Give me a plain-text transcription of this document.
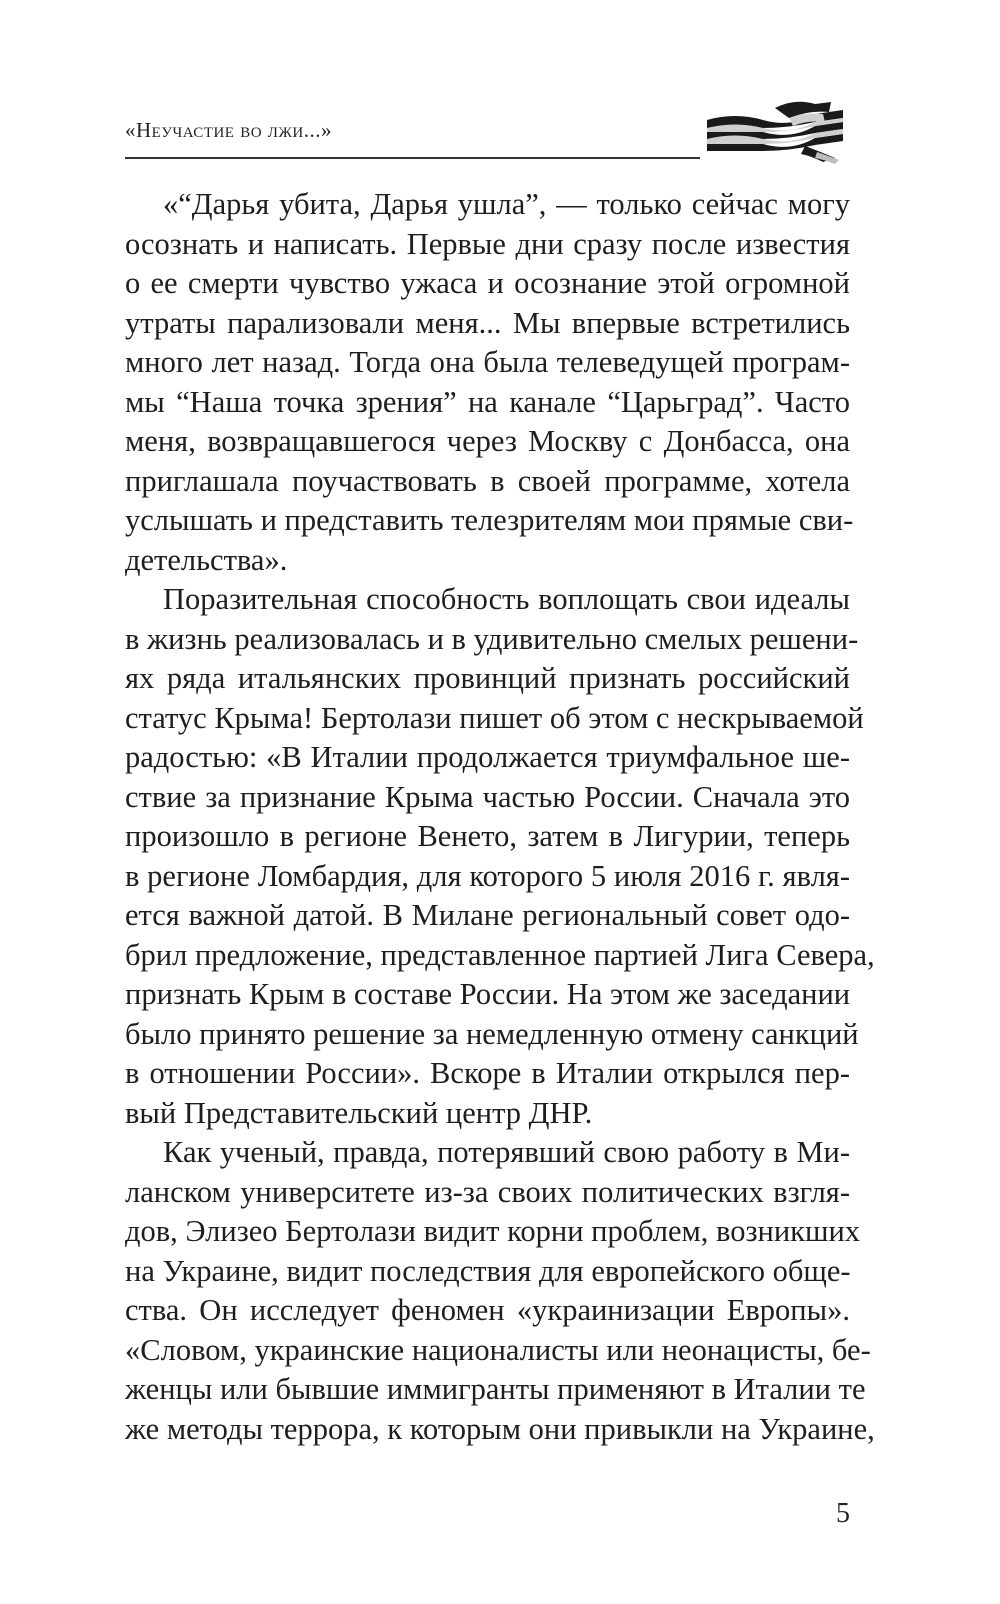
«Неучастие во лжи...»

«“Дарья убита, Дарья ушла”, — только сейчас могу
осознать и написать. Первые дни сразу после известия
о ее смерти чувство ужаса и осознание этой огромной
утраты парализовали меня... Мы впервые встретились
много лет назад. Тогда она была телеведущей програм-
мы “Наша точка зрения” на канале “Царьград”. Часто
меня, возвращавшегося через Москву с Донбасса, она
приглашала поучаствовать в своей программе, хотела
услышать и представить телезрителям мои прямые сви-
детельства».

Поразительная способность воплощать свои идеалы
в жизнь реализовалась и в удивительно смелых решени-
ях ряда итальянских провинций признать российский
статус Крыма! Бертолази пишет об этом с нескрываемой
радостью: «В Италии продолжается триумфальное ше-
ствие за признание Крыма частью России. Сначала это
произошло в регионе Венето, затем в Лигурии, теперь
в регионе Ломбардия, для которого 5 июля 2016 г. явля-
ется важной датой. В Милане региональный совет одо-
брил предложение, представленное партией Лига Севера,
признать Крым в составе России. На этом же заседании
было принято решение за немедленную отмену санкций
в отношении России». Вскоре в Италии открылся пер-
вый Представительский центр ДНР.

Как ученый, правда, потерявший свою работу в Ми-
ланском университете из-за своих политических взгля-
дов, Элизео Бертолази видит корни проблем, возникших
на Украине, видит последствия для европейского обще-
ства. Он исследует феномен «украинизации Европы».
«Словом, украинские националисты или неонацисты, бе-
женцы или бывшие иммигранты применяют в Италии те
же методы террора, к которым они привыкли на Украине,

5
